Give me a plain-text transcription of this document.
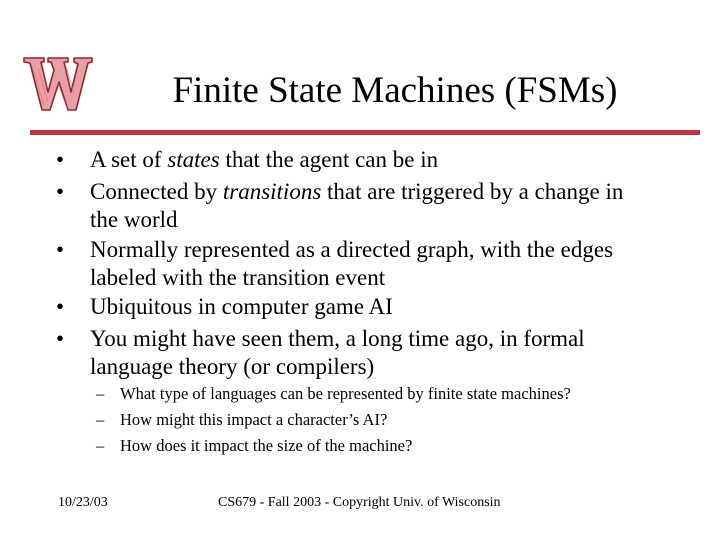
Finite State Machines (FSMs)
• A set of states that the agent can be in
• Connected by transitions that are triggered by a change in
the world
• Normally represented as a directed graph, with the edges
labeled with the transition event
• Ubiquitous in computer game AI
• You might have seen them, a long time ago, in formal
language theory (or compilers)
– What type of languages can be represented by finite state machines?
– How might this impact a character’s AI?
– How does it impact the size of the machine?
10/23/03	CS679 - Fall 2003 - Copyright Univ. of Wisconsin
